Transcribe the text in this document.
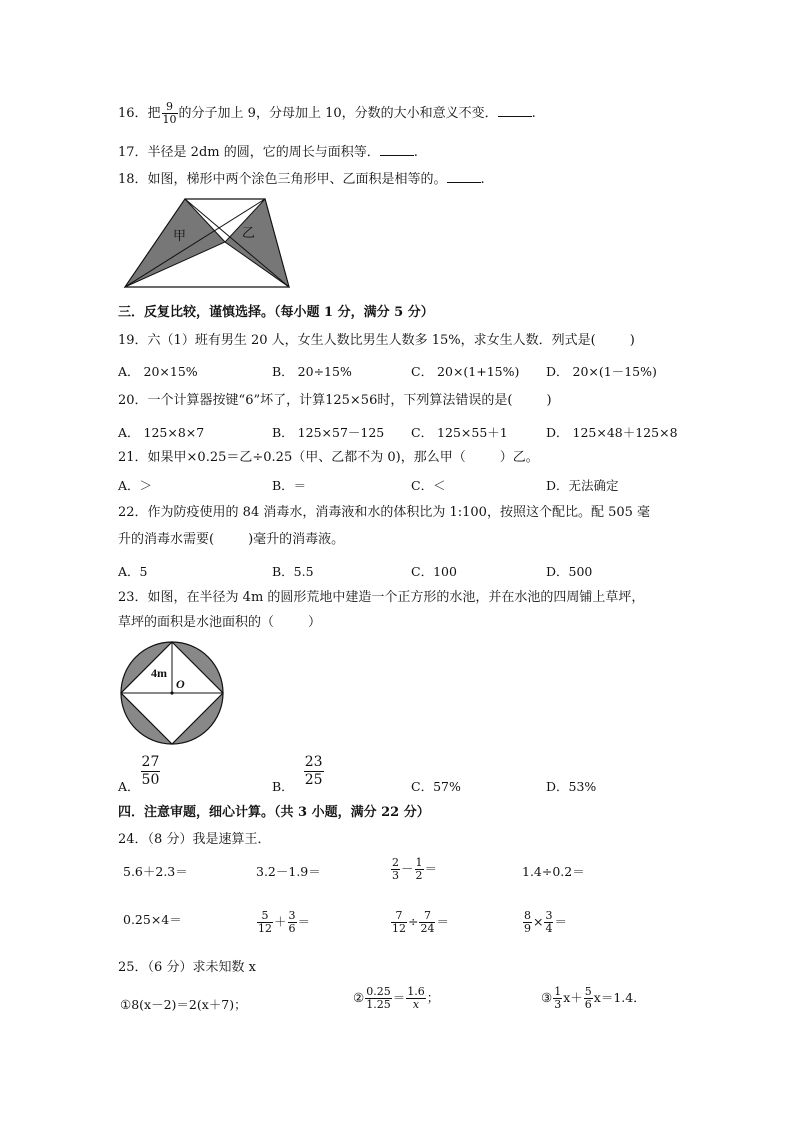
16．把 $\frac{9}{10}$ 的分子加上 9，分母加上 10，分数的大小和意义不变．	.
17．半径是 2dm 的圆，它的周长与面积等．	.
18．如图，梯形中两个涂色三角形甲、乙面积是相等的。	.
甲	乙
三．反复比较，谨慎选择。（每小题 1 分，满分 5 分）
19．六（1）班有男生 20 人，女生人数比男生人数多 15%，求女生人数．列式是(	)
A． 20×15%	B． 20÷15%	C． 20×(1+15%) D． 20×(1－15%)
20．一个计算器按键“6”坏了，计算125×56时，下列算法错误的是(	)
A． 125×8×7	B． 125×57－125 C． 125×55＋1	D． 125×48＋125×8
21．如果甲×0.25＝乙÷0.25（甲、乙都不为 0)，那么甲（	）乙。
A．＞	B．＝	C．＜	D．无法确定
22．作为防疫使用的 84 消毒水，消毒液和水的体积比为 1:100，按照这个配比。配 505 毫
升的消毒水需要(	)毫升的消毒液。
A．5	B．5.5	C．100	D．500
23．如图，在半径为 4m 的圆形荒地中建造一个正方形的水池，并在水池的四周铺上草坪，
草坪的面积是水池面积的（	）
4m
O
A． $\frac{27}{50}$	B． $\frac{23}{25}$	C．57%	D．53%
四．注意审题，细心计算。（共 3 小题，满分 22 分）
24．（8 分）我是速算王．
5.6＋2.3＝	3.2－1.9＝	$\frac{2}{3} - \frac{1}{2}$ ＝	1.4÷0.2＝
0.25×4＝	$\frac{5}{12} + \frac{3}{6}$ ＝	$\frac{7}{12} \div \frac{7}{24}$ ＝	$\frac{8}{9} \times \frac{3}{4}$ ＝
25．（6 分）求未知数 x
①8(x－2)＝2(x＋7)；	② $\frac{0.25}{1.25} = \frac{1.6}{x}$ ；	③ $\frac{1}{3} x+ \frac{5}{6} x=1.4$．
